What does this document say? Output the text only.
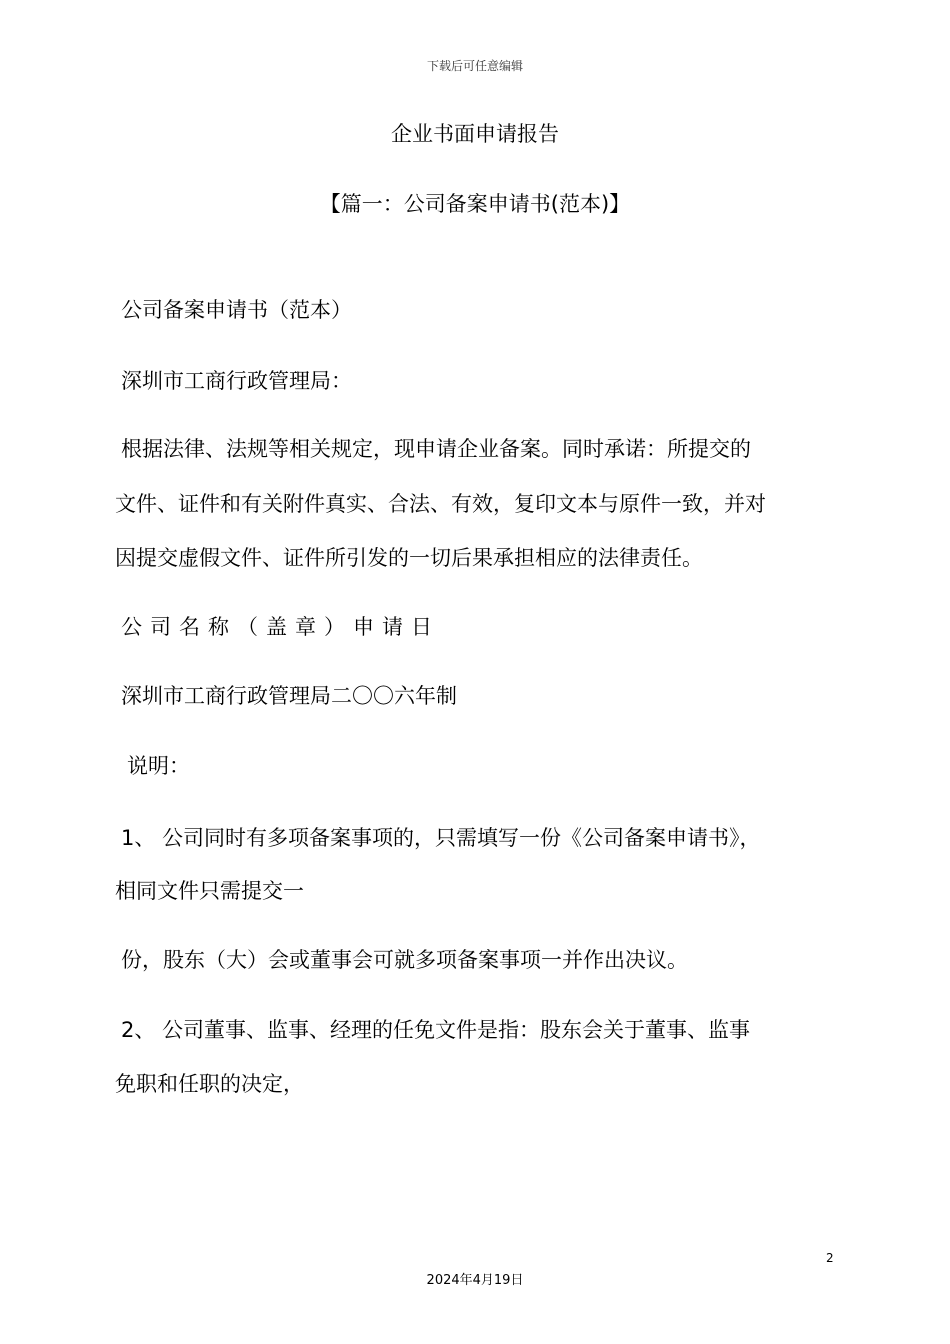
下载后可任意编辑
企业书面申请报告
【篇一：公司备案申请书(范本)】
公司备案申请书（范本）
深圳市工商行政管理局：
根据法律、法规等相关规定，现申请企业备案。同时承诺：所提交的
文件、证件和有关附件真实、合法、有效，复印文本与原件一致，并对
因提交虚假文件、证件所引发的一切后果承担相应的法律责任。
公司名称（盖章）申请日
深圳市工商行政管理局二〇〇六年制
说明：
1、 公司同时有多项备案事项的，只需填写一份《公司备案申请书》，
相同文件只需提交一
份，股东（大）会或董事会可就多项备案事项一并作出决议。
2、 公司董事、监事、经理的任免文件是指：股东会关于董事、监事
免职和任职的决定，
2
2024年4月19日
